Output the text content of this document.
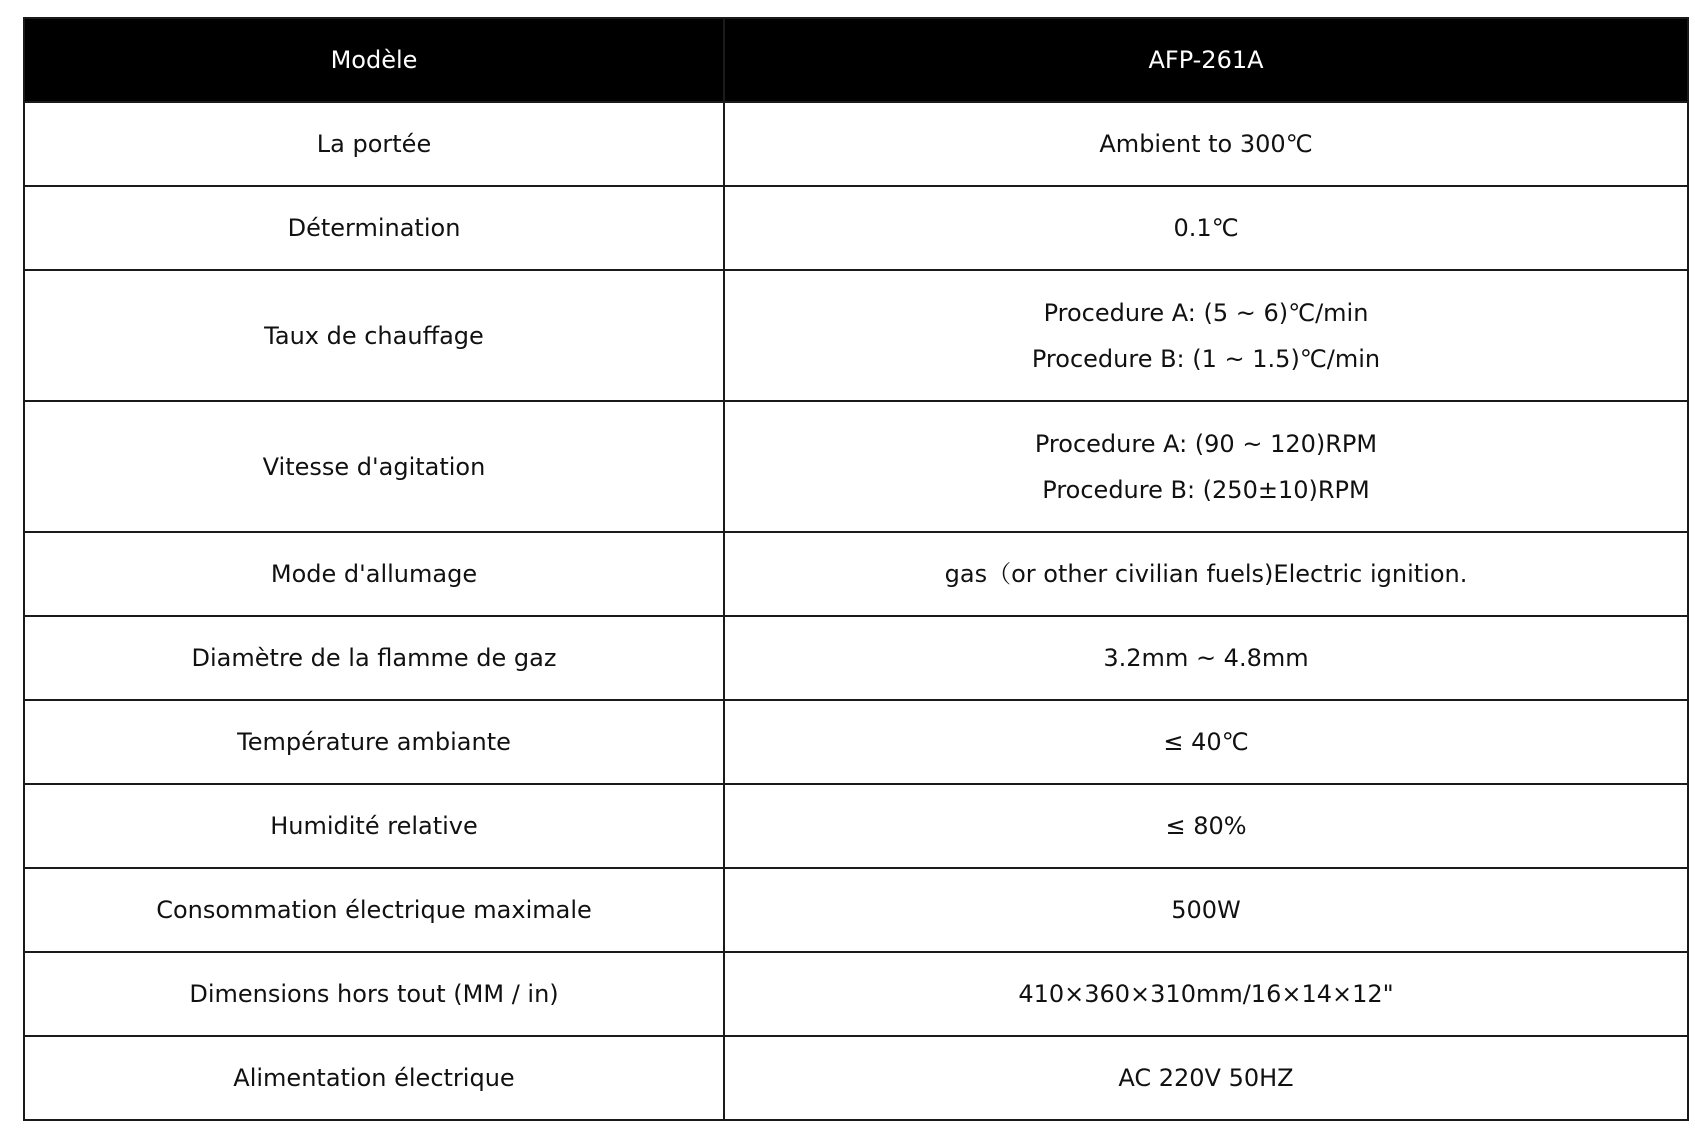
Modèle	AFP-261A
La portée	Ambient to 300℃

Détermination	0.1℃

Taux de chauffage	Procedure A: (5 ~ 6)℃/min
Procedure B: (1 ~ 1.5)℃/min

Vitesse d'agitation	Procedure A: (90 ~ 120)RPM
Procedure B: (250±10)RPM

Mode d'allumage	gas（or other civilian fuels)Electric ignition.

Diamètre de la flamme de gaz	3.2mm ~ 4.8mm

Température ambiante	≤ 40℃

Humidité relative	≤ 80%

Consommation électrique maximale	500W

Dimensions hors tout (MM / in)	410×360×310mm/16×14×12"

Alimentation électrique	AC 220V 50HZ
